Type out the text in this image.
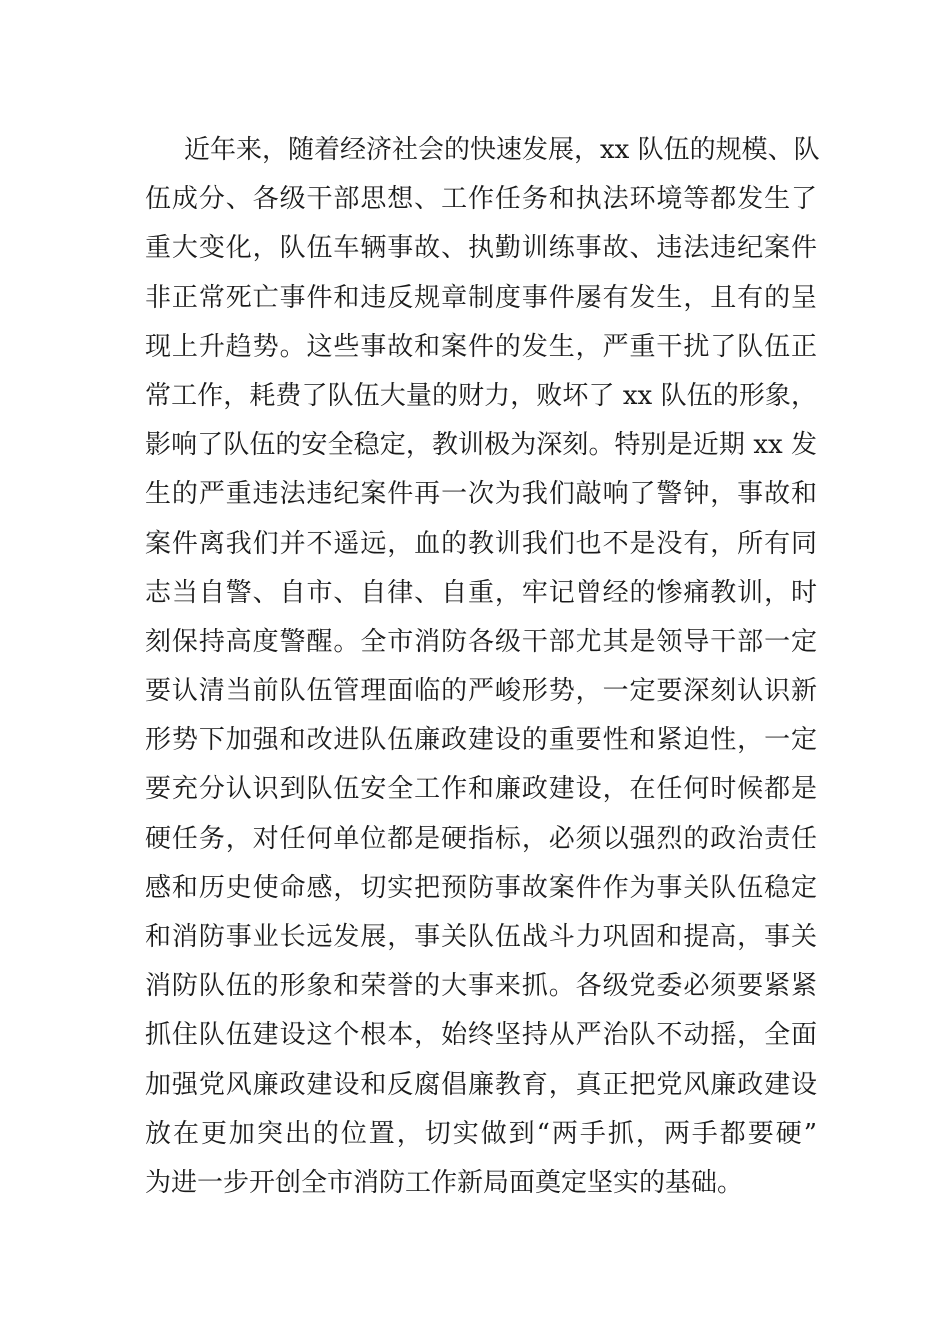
近年来，随着经济社会的快速发展，xx 队伍的规模、队
伍成分、各级干部思想、工作任务和执法环境等都发生了
重大变化，队伍车辆事故、执勤训练事故、违法违纪案件
非正常死亡事件和违反规章制度事件屡有发生，且有的呈
现上升趋势。这些事故和案件的发生，严重干扰了队伍正
常工作，耗费了队伍大量的财力，败坏了 xx 队伍的形象，
影响了队伍的安全稳定，教训极为深刻。特别是近期 xx 发
生的严重违法违纪案件再一次为我们敲响了警钟，事故和
案件离我们并不遥远，血的教训我们也不是没有，所有同
志当自警、自市、自律、自重，牢记曾经的惨痛教训，时
刻保持高度警醒。全市消防各级干部尤其是领导干部一定
要认清当前队伍管理面临的严峻形势，一定要深刻认识新
形势下加强和改进队伍廉政建设的重要性和紧迫性，一定
要充分认识到队伍安全工作和廉政建设，在任何时候都是
硬任务，对任何单位都是硬指标，必须以强烈的政治责任
感和历史使命感，切实把预防事故案件作为事关队伍稳定
和消防事业长远发展，事关队伍战斗力巩固和提高，事关
消防队伍的形象和荣誉的大事来抓。各级党委必须要紧紧
抓住队伍建设这个根本，始终坚持从严治队不动摇，全面
加强党风廉政建设和反腐倡廉教育，真正把党风廉政建设
放在更加突出的位置，切实做到“两手抓，两手都要硬”
为进一步开创全市消防工作新局面奠定坚实的基础。
